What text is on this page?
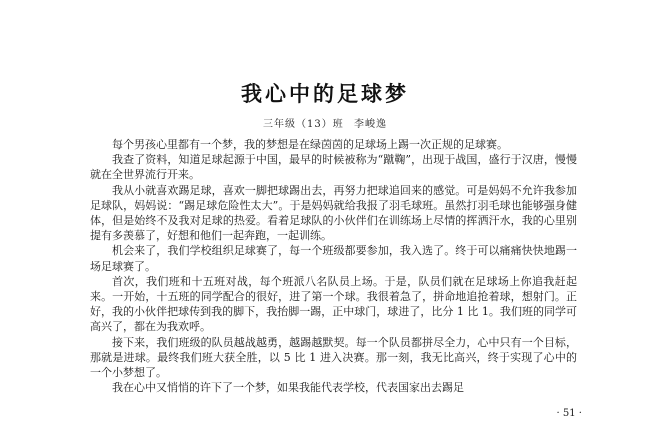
我心中的足球梦
三年级（13）班 李峻逸

每个男孩心里都有一个梦，我的梦想是在绿茵茵的足球场上踢一次正规的足球赛。

我查了资料，知道足球起源于中国，最早的时候被称为“蹴鞠”，出现于战国，盛行于汉唐，慢慢就在全世界流行开来。

我从小就喜欢踢足球，喜欢一脚把球踢出去，再努力把球追回来的感觉。可是妈妈不允许我参加足球队，妈妈说：“踢足球危险性太大”。于是妈妈就给我报了羽毛球班。虽然打羽毛球也能够强身健体，但是始终不及我对足球的热爱。看着足球队的小伙伴们在训练场上尽情的挥洒汗水，我的心里别提有多羡慕了，好想和他们一起奔跑，一起训练。

机会来了，我们学校组织足球赛了，每一个班级都要参加，我入选了。终于可以痛痛快快地踢一场足球赛了。

首次，我们班和十五班对战，每个班派八名队员上场。于是，队员们就在足球场上你追我赶起来。一开始，十五班的同学配合的很好，进了第一个球。我很着急了，拼命地追抢着球，想射门。正好，我的小伙伴把球传到我的脚下，我抬脚一踢，正中球门，球进了，比分 1 比 1。我们班的同学可高兴了，都在为我欢呼。

接下来，我们班级的队员越战越勇，越踢越默契。每一个队员都拼尽全力，心中只有一个目标，那就是进球。最终我们班大获全胜，以 5 比 1 进入决赛。那一刻，我无比高兴，终于实现了心中的一个小梦想了。

我在心中又悄悄的许下了一个梦，如果我能代表学校，代表国家出去踢足

· 51 ·
